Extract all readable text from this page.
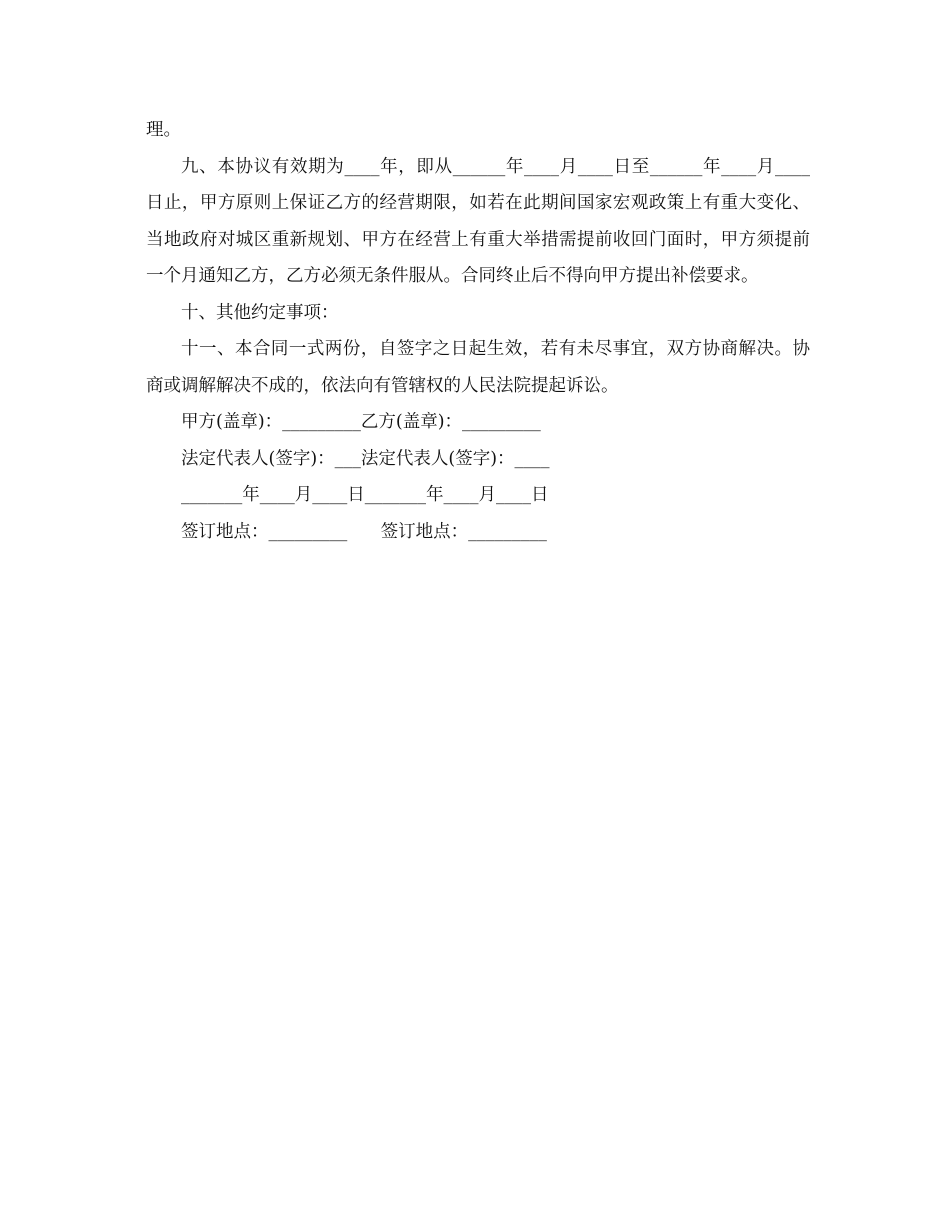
理。

九、本协议有效期为____年，即从______年____月____日至______年____月____日止，甲方原则上保证乙方的经营期限，如若在此期间国家宏观政策上有重大变化、当地政府对城区重新规划、甲方在经营上有重大举措需提前收回门面时，甲方须提前一个月通知乙方，乙方必须无条件服从。合同终止后不得向甲方提出补偿要求。

十、其他约定事项：

十一、本合同一式两份，自签字之日起生效，若有未尽事宜，双方协商解决。协商或调解解决不成的，依法向有管辖权的人民法院提起诉讼。

甲方(盖章)：_________乙方(盖章)：_________

法定代表人(签字)：___法定代表人(签字)：____

_______年____月____日_______年____月____日

签订地点：_________      签订地点：_________
